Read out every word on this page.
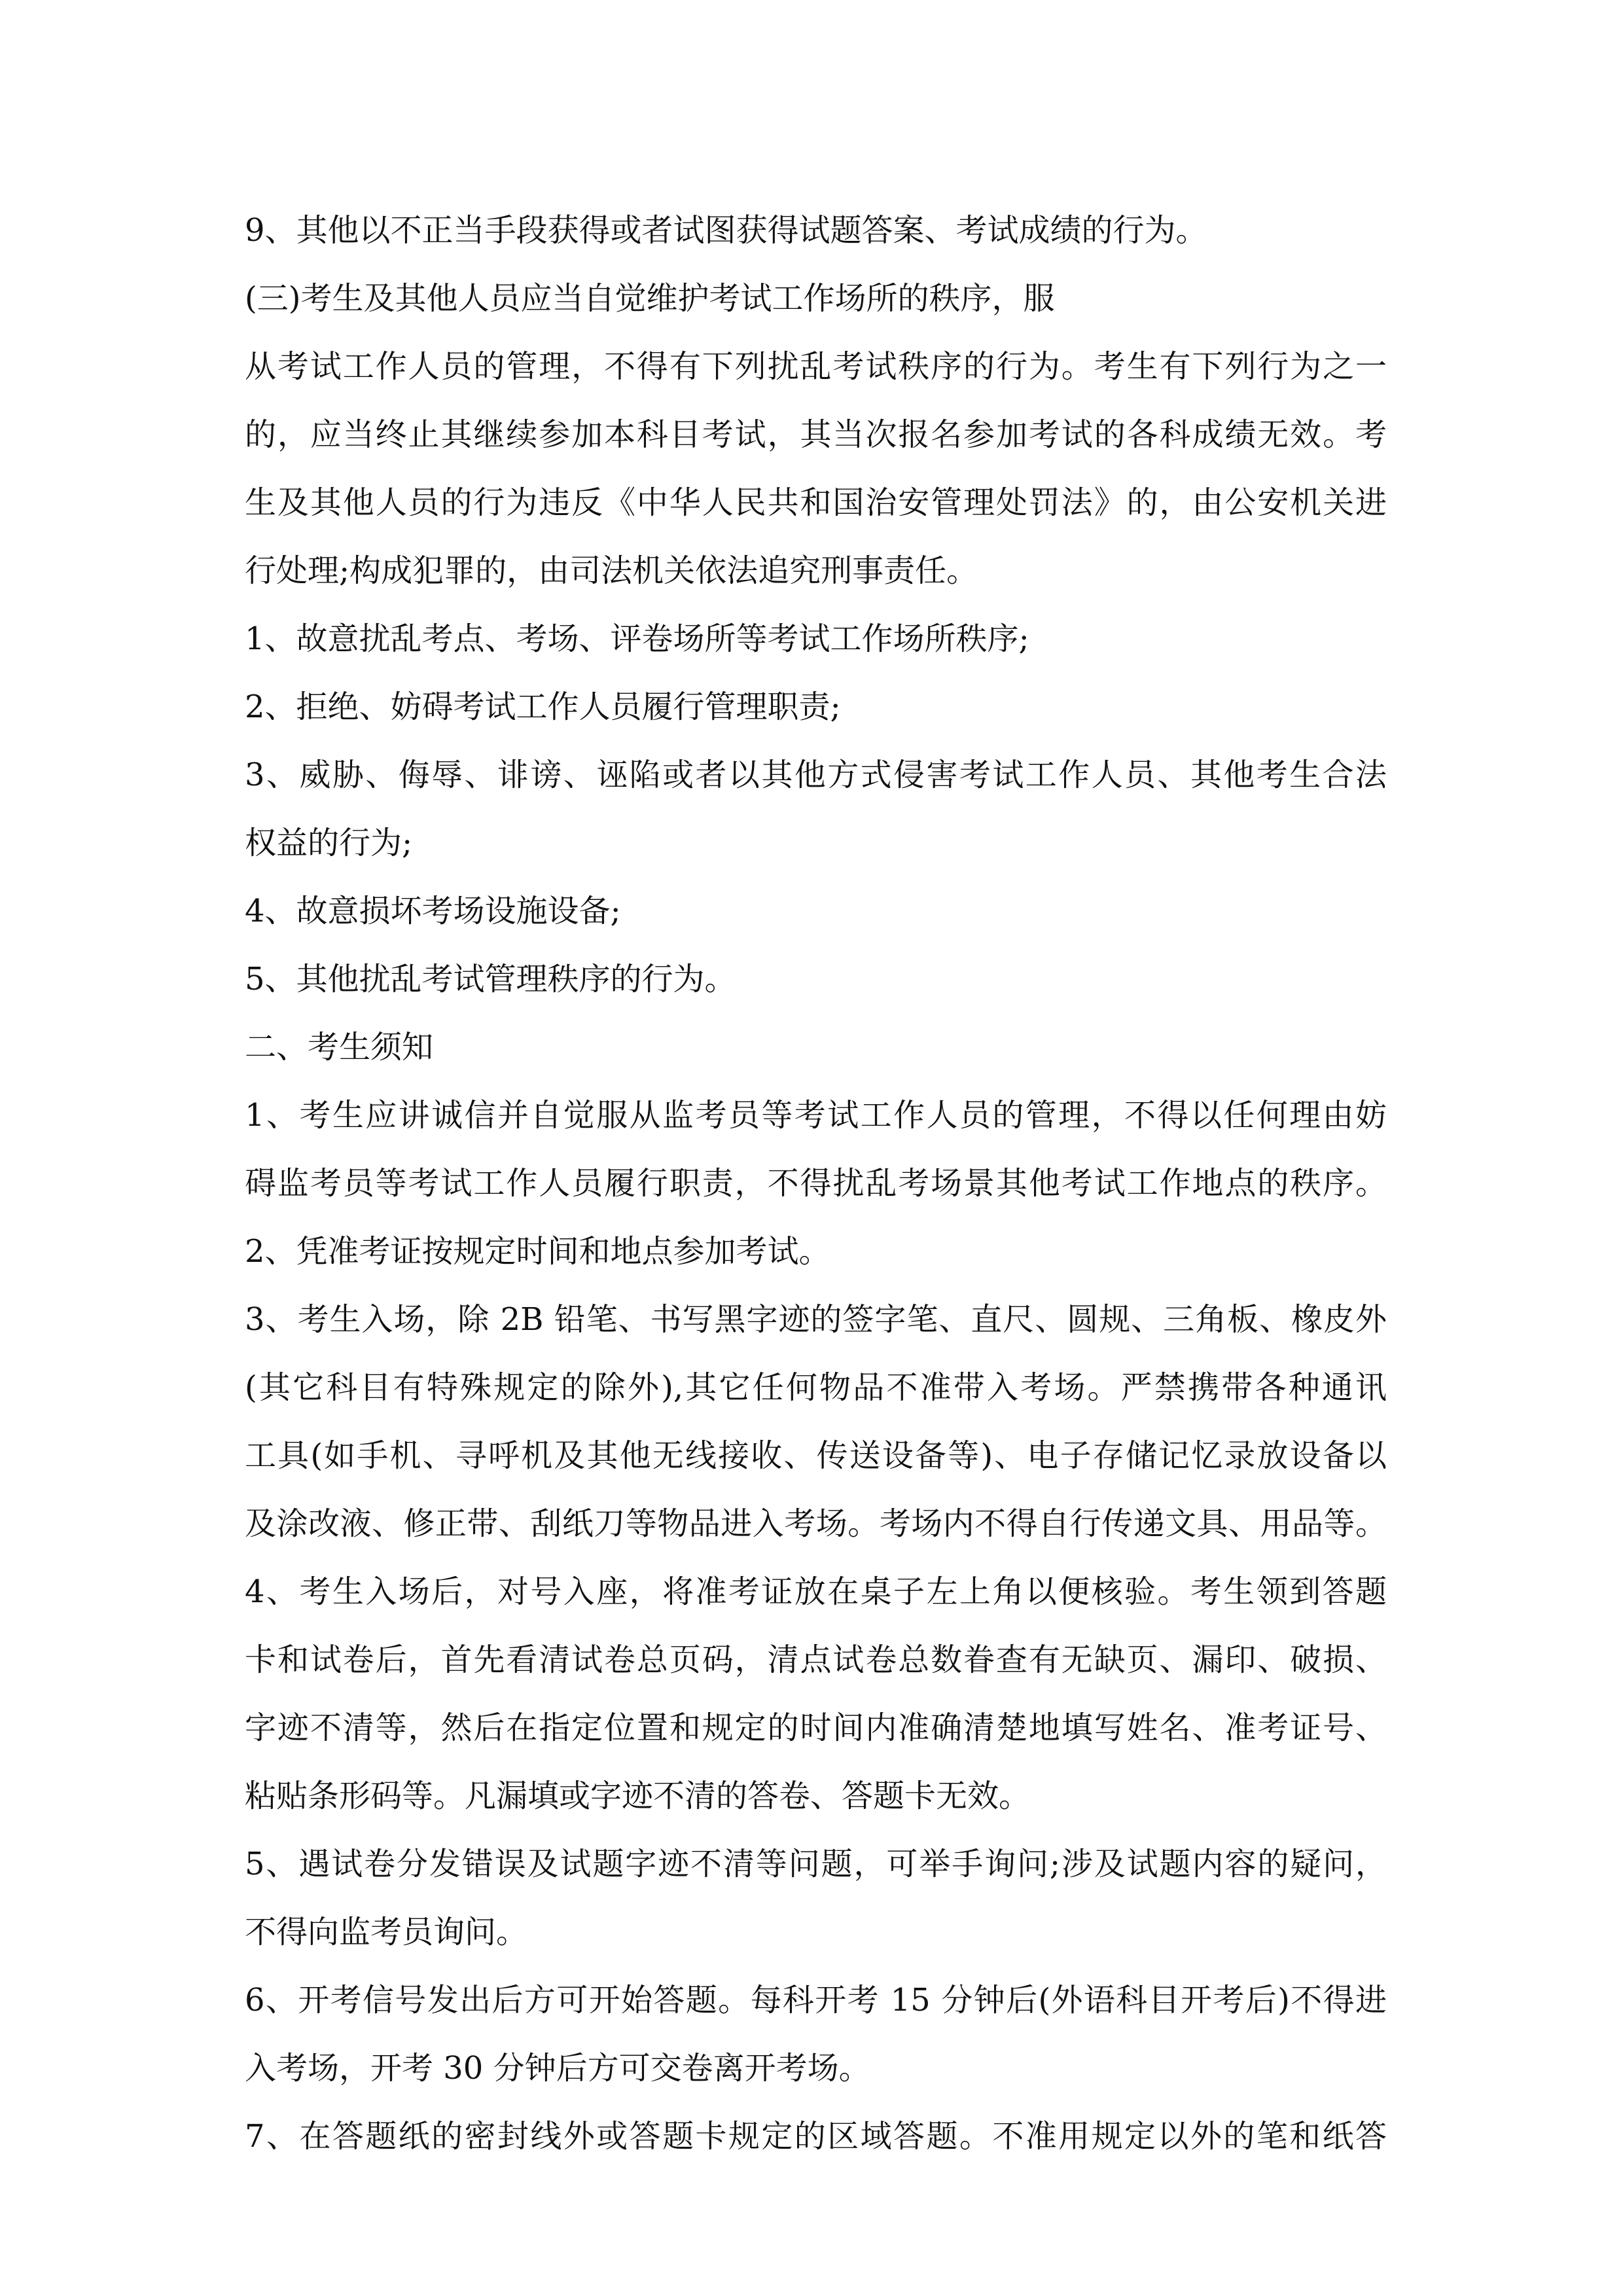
9、其他以不正当手段获得或者试图获得试题答案、考试成绩的行为。
(三)考生及其他人员应当自觉维护考试工作场所的秩序，服
从考试工作人员的管理，不得有下列扰乱考试秩序的行为。考生有下列行为之一
的，应当终止其继续参加本科目考试，其当次报名参加考试的各科成绩无效。考
生及其他人员的行为违反《中华人民共和国治安管理处罚法》的，由公安机关进
行处理;构成犯罪的，由司法机关依法追究刑事责任。
1、故意扰乱考点、考场、评卷场所等考试工作场所秩序;
2、拒绝、妨碍考试工作人员履行管理职责;
3、威胁、侮辱、诽谤、诬陷或者以其他方式侵害考试工作人员、其他考生合法
权益的行为;
4、故意损坏考场设施设备;
5、其他扰乱考试管理秩序的行为。
二、考生须知
1、考生应讲诚信并自觉服从监考员等考试工作人员的管理，不得以任何理由妨
碍监考员等考试工作人员履行职责，不得扰乱考场景其他考试工作地点的秩序。
2、凭准考证按规定时间和地点参加考试。
3、考生入场，除 2B 铅笔、书写黑字迹的签字笔、直尺、圆规、三角板、橡皮外
(其它科目有特殊规定的除外),其它任何物品不准带入考场。严禁携带各种通讯
工具(如手机、寻呼机及其他无线接收、传送设备等)、电子存储记忆录放设备以
及涂改液、修正带、刮纸刀等物品进入考场。考场内不得自行传递文具、用品等。
4、考生入场后，对号入座，将准考证放在桌子左上角以便核验。考生领到答题
卡和试卷后，首先看清试卷总页码，清点试卷总数眷查有无缺页、漏印、破损、
字迹不清等，然后在指定位置和规定的时间内准确清楚地填写姓名、准考证号、
粘贴条形码等。凡漏填或字迹不清的答卷、答题卡无效。
5、遇试卷分发错误及试题字迹不清等问题，可举手询问;涉及试题内容的疑问，
不得向监考员询问。
6、开考信号发出后方可开始答题。每科开考 15 分钟后(外语科目开考后)不得进
入考场，开考 30 分钟后方可交卷离开考场。
7、在答题纸的密封线外或答题卡规定的区域答题。不准用规定以外的笔和纸答
